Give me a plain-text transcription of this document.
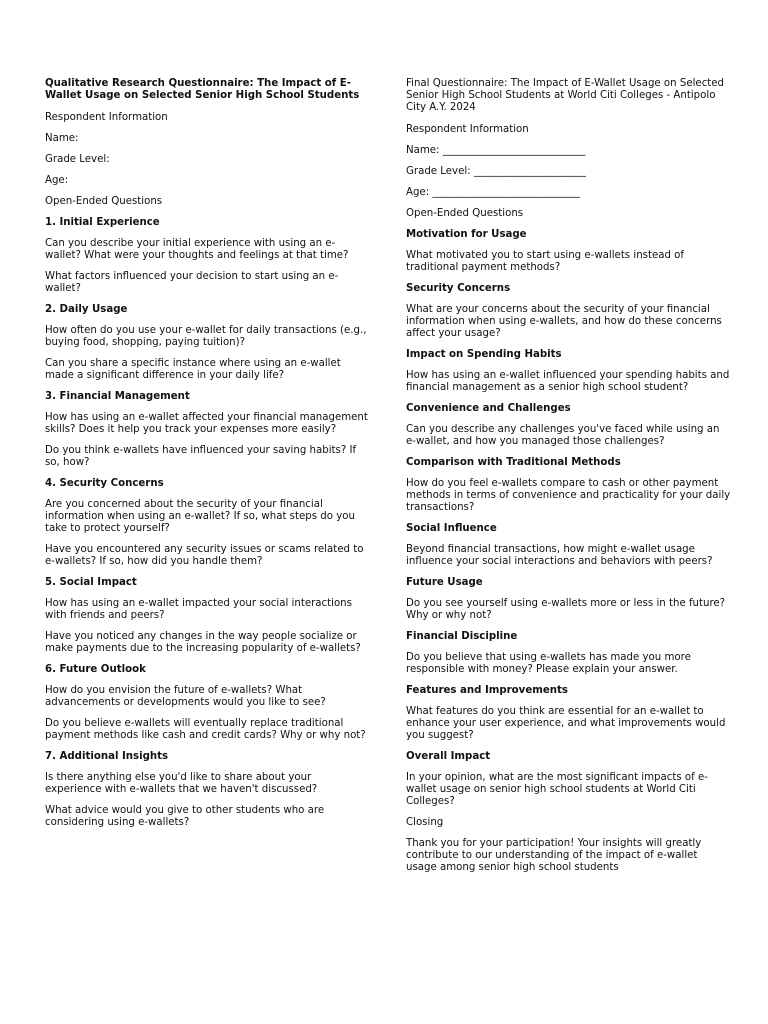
Qualitative Research Questionnaire: The Impact of E-Wallet Usage on Selected Senior High School Students

Respondent Information

Name:

Grade Level:

Age:

Open-Ended Questions

1. Initial Experience

Can you describe your initial experience with using an e-wallet? What were your thoughts and feelings at that time?

What factors influenced your decision to start using an e-wallet?

2. Daily Usage

How often do you use your e-wallet for daily transactions (e.g., buying food, shopping, paying tuition)?

Can you share a specific instance where using an e-wallet made a significant difference in your daily life?

3. Financial Management

How has using an e-wallet affected your financial management skills? Does it help you track your expenses more easily?

Do you think e-wallets have influenced your saving habits? If so, how?

4. Security Concerns

Are you concerned about the security of your financial information when using an e-wallet? If so, what steps do you take to protect yourself?

Have you encountered any security issues or scams related to e-wallets? If so, how did you handle them?

5. Social Impact

How has using an e-wallet impacted your social interactions with friends and peers?

Have you noticed any changes in the way people socialize or make payments due to the increasing popularity of e-wallets?

6. Future Outlook

How do you envision the future of e-wallets? What advancements or developments would you like to see?

Do you believe e-wallets will eventually replace traditional payment methods like cash and credit cards? Why or why not?

7. Additional Insights

Is there anything else you'd like to share about your experience with e-wallets that we haven't discussed?

What advice would you give to other students who are considering using e-wallets?

Final Questionnaire: The Impact of E-Wallet Usage on Selected Senior High School Students at World Citi Colleges - Antipolo City A.Y. 2024

Respondent Information

Name: ____________________________

Grade Level: ______________________

Age: _____________________________

Open-Ended Questions

Motivation for Usage

What motivated you to start using e-wallets instead of traditional payment methods?

Security Concerns

What are your concerns about the security of your financial information when using e-wallets, and how do these concerns affect your usage?

Impact on Spending Habits

How has using an e-wallet influenced your spending habits and financial management as a senior high school student?

Convenience and Challenges

Can you describe any challenges you've faced while using an e-wallet, and how you managed those challenges?

Comparison with Traditional Methods

How do you feel e-wallets compare to cash or other payment methods in terms of convenience and practicality for your daily transactions?

Social Influence

Beyond financial transactions, how might e-wallet usage influence your social interactions and behaviors with peers?

Future Usage

Do you see yourself using e-wallets more or less in the future? Why or why not?

Financial Discipline

Do you believe that using e-wallets has made you more responsible with money? Please explain your answer.

Features and Improvements

What features do you think are essential for an e-wallet to enhance your user experience, and what improvements would you suggest?

Overall Impact

In your opinion, what are the most significant impacts of e-wallet usage on senior high school students at World Citi Colleges?

Closing

Thank you for your participation! Your insights will greatly contribute to our understanding of the impact of e-wallet usage among senior high school students
